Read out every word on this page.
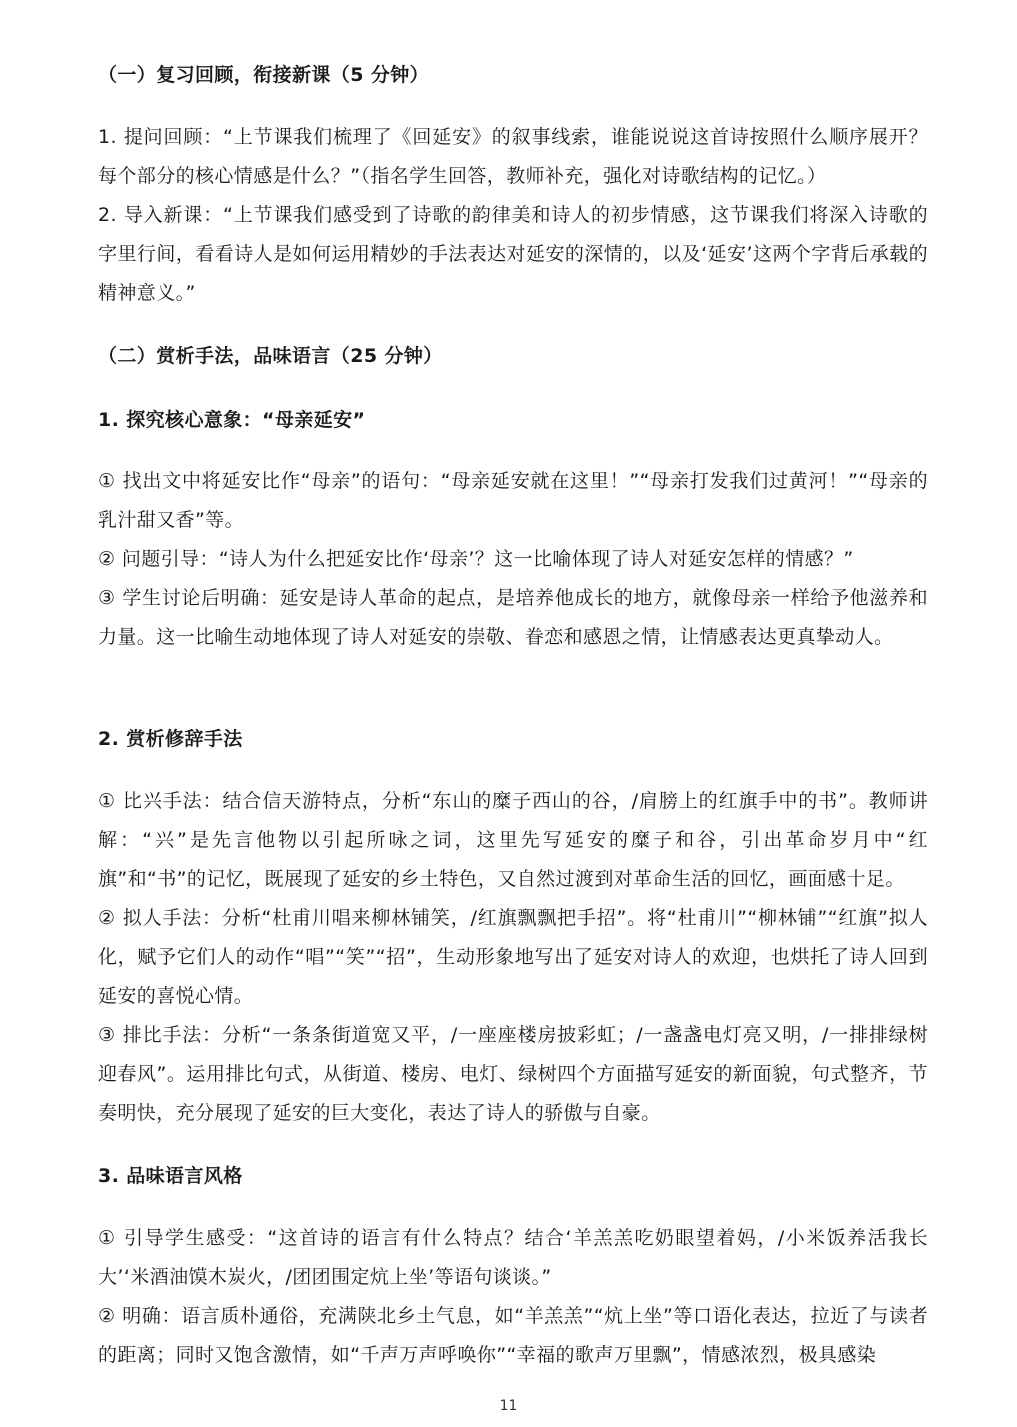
（一）复习回顾，衔接新课（5 分钟）

1. 提问回顾：“上节课我们梳理了《回延安》的叙事线索，谁能说说这首诗按照什么顺序展开？每个部分的核心情感是什么？”（指名学生回答，教师补充，强化对诗歌结构的记忆。）

2. 导入新课：“上节课我们感受到了诗歌的韵律美和诗人的初步情感，这节课我们将深入诗歌的字里行间，看看诗人是如何运用精妙的手法表达对延安的深情的，以及‘延安’这两个字背后承载的精神意义。”

（二）赏析手法，品味语言（25 分钟）

1. 探究核心意象：“母亲延安”

① 找出文中将延安比作“母亲”的语句：“母亲延安就在这里！”“母亲打发我们过黄河！”“母亲的乳汁甜又香”等。

② 问题引导：“诗人为什么把延安比作‘母亲’？这一比喻体现了诗人对延安怎样的情感？”

③ 学生讨论后明确：延安是诗人革命的起点，是培养他成长的地方，就像母亲一样给予他滋养和力量。这一比喻生动地体现了诗人对延安的崇敬、眷恋和感恩之情，让情感表达更真挚动人。

2. 赏析修辞手法

① 比兴手法：结合信天游特点，分析“东山的糜子西山的谷，/肩膀上的红旗手中的书”。教师讲解：“兴”是先言他物以引起所咏之词，这里先写延安的糜子和谷，引出革命岁月中“红旗”和“书”的记忆，既展现了延安的乡土特色，又自然过渡到对革命生活的回忆，画面感十足。

② 拟人手法：分析“杜甫川唱来柳林铺笑，/红旗飘飘把手招”。将“杜甫川”“柳林铺”“红旗”拟人化，赋予它们人的动作“唱”“笑”“招”，生动形象地写出了延安对诗人的欢迎，也烘托了诗人回到延安的喜悦心情。

③ 排比手法：分析“一条条街道宽又平，/一座座楼房披彩虹；/一盏盏电灯亮又明，/一排排绿树迎春风”。运用排比句式，从街道、楼房、电灯、绿树四个方面描写延安的新面貌，句式整齐，节奏明快，充分展现了延安的巨大变化，表达了诗人的骄傲与自豪。

3. 品味语言风格

① 引导学生感受：“这首诗的语言有什么特点？结合‘羊羔羔吃奶眼望着妈，/小米饭养活我长大’‘米酒油馍木炭火，/团团围定炕上坐’等语句谈谈。”

② 明确：语言质朴通俗，充满陕北乡土气息，如“羊羔羔”“炕上坐”等口语化表达，拉近了与读者的距离；同时又饱含激情，如“千声万声呼唤你”“幸福的歌声万里飘”，情感浓烈，极具感染

11
